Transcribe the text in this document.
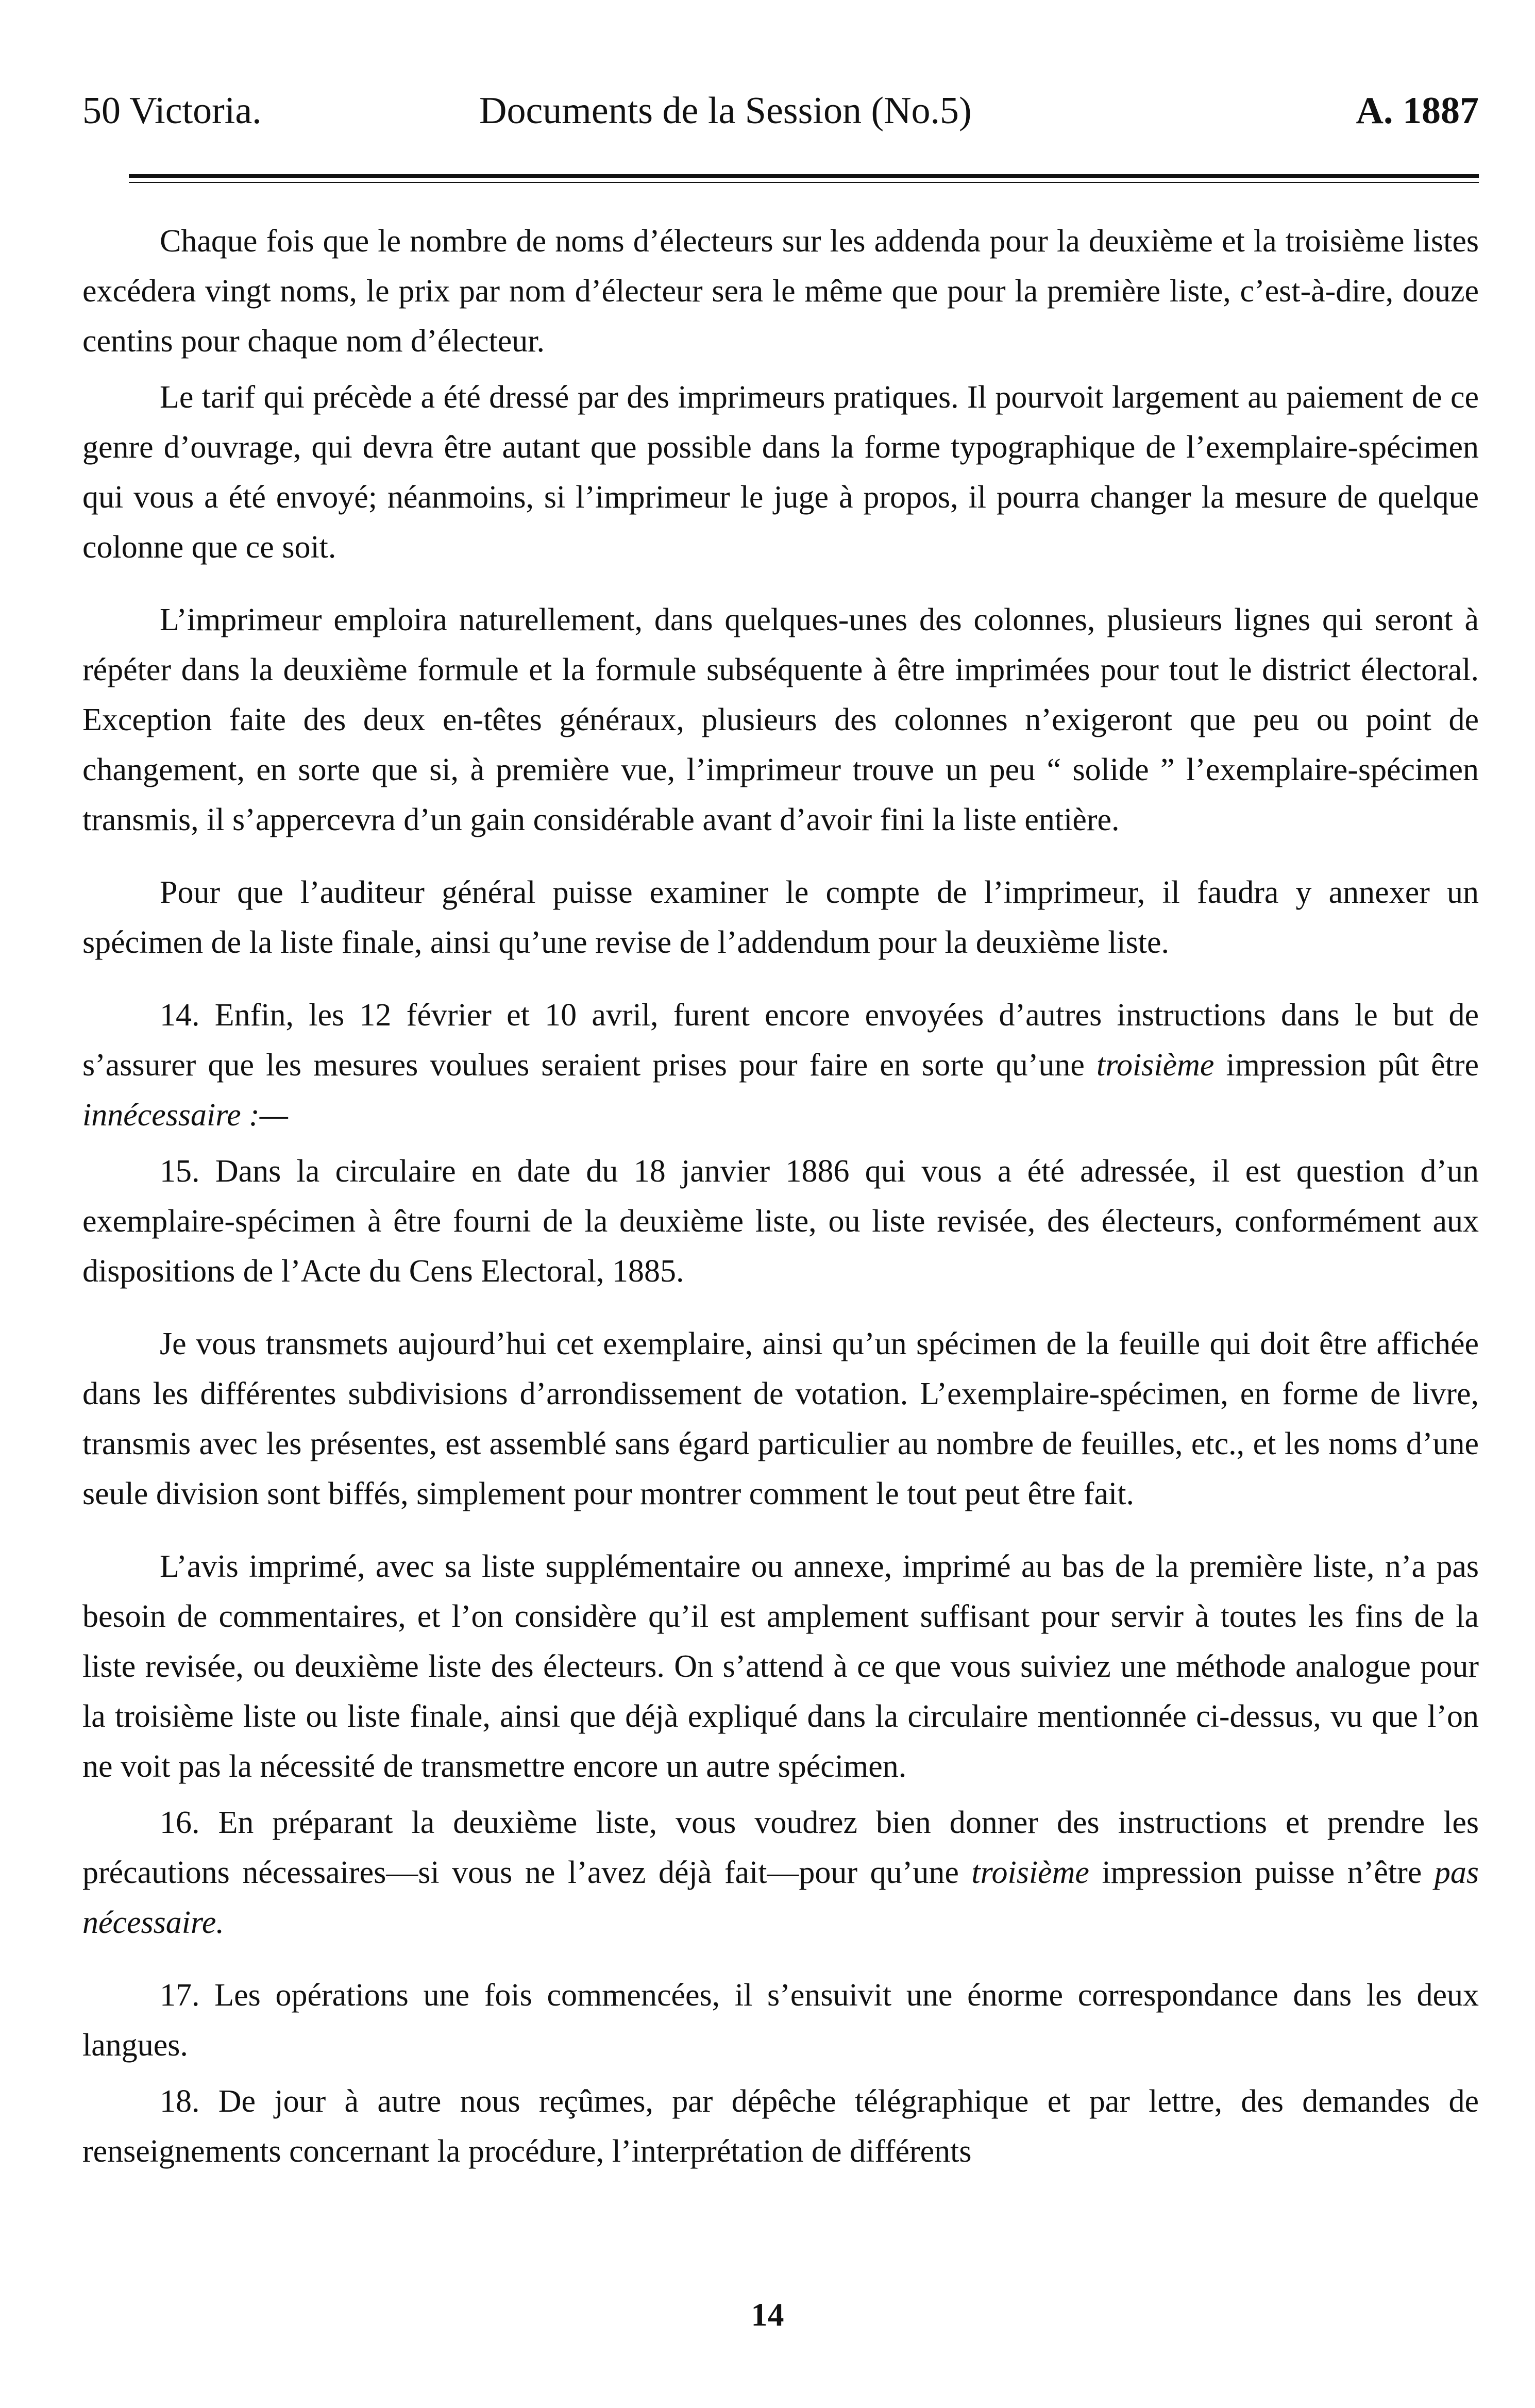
50 Victoria.	Documents de la Session (No.5)	A. 1887

Chaque fois que le nombre de noms d’électeurs sur les addenda pour la deuxième et la troisième listes excédera vingt noms, le prix par nom d’électeur sera le même que pour la première liste, c’est-à-dire, douze centins pour chaque nom d’électeur.

Le tarif qui précède a été dressé par des imprimeurs pratiques. Il pourvoit largement au paiement de ce genre d’ouvrage, qui devra être autant que possible dans la forme typographique de l’exemplaire-spécimen qui vous a été envoyé; néanmoins, si l’imprimeur le juge à propos, il pourra changer la mesure de quelque colonne que ce soit.

L’imprimeur emploira naturellement, dans quelques-unes des colonnes, plusieurs lignes qui seront à répéter dans la deuxième formule et la formule subséquente à être imprimées pour tout le district électoral. Exception faite des deux en-têtes généraux, plusieurs des colonnes n’exigeront que peu ou point de changement, en sorte que si, à première vue, l’imprimeur trouve un peu “ solide ” l’exemplaire-spécimen transmis, il s’appercevra d’un gain considérable avant d’avoir fini la liste entière.

Pour que l’auditeur général puisse examiner le compte de l’imprimeur, il faudra y annexer un spécimen de la liste finale, ainsi qu’une revise de l’addendum pour la deuxième liste.

14. Enfin, les 12 février et 10 avril, furent encore envoyées d’autres instructions dans le but de s’assurer que les mesures voulues seraient prises pour faire en sorte qu’une troisième impression pût être innécessaire :—

15. Dans la circulaire en date du 18 janvier 1886 qui vous a été adressée, il est question d’un exemplaire-spécimen à être fourni de la deuxième liste, ou liste revisée, des électeurs, conformément aux dispositions de l’Acte du Cens Electoral, 1885.

Je vous transmets aujourd’hui cet exemplaire, ainsi qu’un spécimen de la feuille qui doit être affichée dans les différentes subdivisions d’arrondissement de votation. L’exemplaire-spécimen, en forme de livre, transmis avec les présentes, est assemblé sans égard particulier au nombre de feuilles, etc., et les noms d’une seule division sont biffés, simplement pour montrer comment le tout peut être fait.

L’avis imprimé, avec sa liste supplémentaire ou annexe, imprimé au bas de la première liste, n’a pas besoin de commentaires, et l’on considère qu’il est amplement suffisant pour servir à toutes les fins de la liste revisée, ou deuxième liste des électeurs. On s’attend à ce que vous suiviez une méthode analogue pour la troisième liste ou liste finale, ainsi que déjà expliqué dans la circulaire mentionnée ci-dessus, vu que l’on ne voit pas la nécessité de transmettre encore un autre spécimen.

16. En préparant la deuxième liste, vous voudrez bien donner des instructions et prendre les précautions nécessaires—si vous ne l’avez déjà fait—pour qu’une troisième impression puisse n’être pas nécessaire.

17. Les opérations une fois commencées, il s’ensuivit une énorme correspondance dans les deux langues.

18. De jour à autre nous reçûmes, par dépêche télégraphique et par lettre, des demandes de renseignements concernant la procédure, l’interprétation de différents

14
